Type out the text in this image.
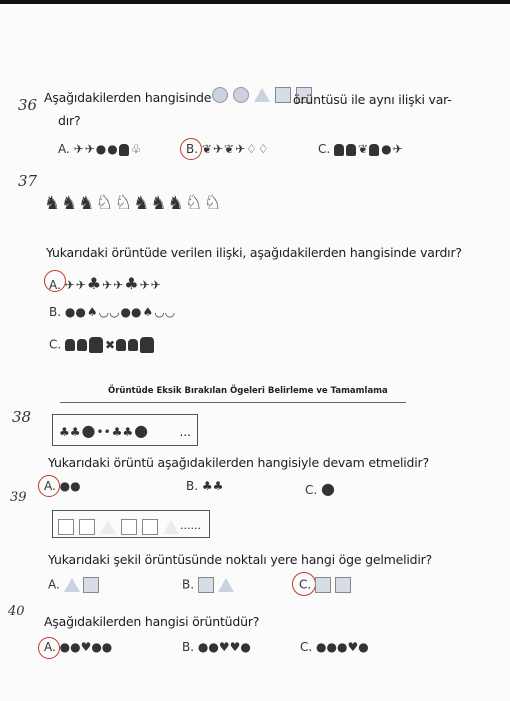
36 Aşağıdakilerden hangisinde
	örüntüsü ile aynı ilişki var-
dır?
A. ✈✈●● ♧	B. ❦✈❦✈♢♢	C. ❦ ●✈
37
♞♞♞♘♘♞♞♞♘♘
Yukarıdaki örüntüde verilen ilişki, aşağıdakilerden hangisinde vardır?
A. ✈✈♣✈✈♣✈✈
B. ●●♠◡◡●●♠◡◡
C.	✖
Örüntüde Eksik Bırakılan Ögeleri Belirleme ve Tamamlama
38
♣♣●••♣♣●	...
Yukarıdaki örüntü aşağıdakilerden hangisiyle devam etmelidir?
A. ●●	B. ♣♣	C. ●
39

......
Yukarıdaki şekil örüntüsünde noktalı yere hangi öge gelmelidir?
A.	B.	C.
40
Aşağıdakilerden hangisi örüntüdür?
A. ●●♥●●	B. ●●♥♥●	C. ●●●♥●
